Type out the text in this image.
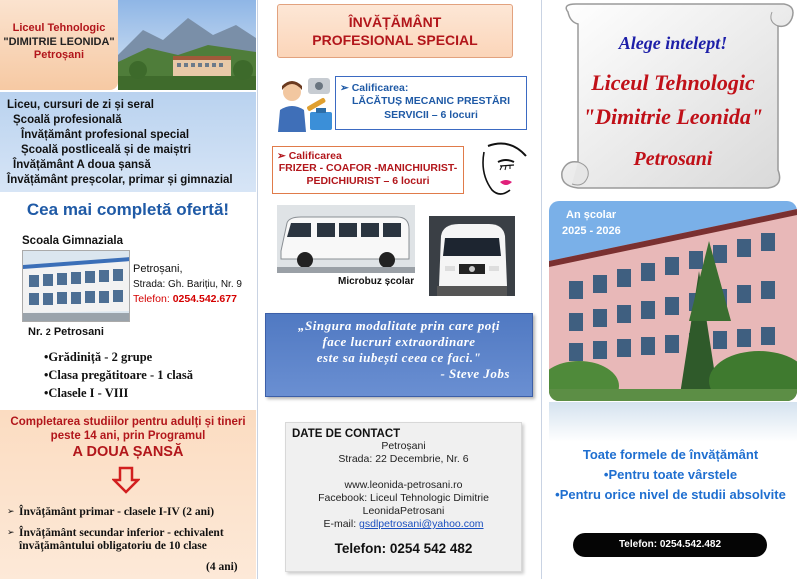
Liceul Tehnologic
"DIMITRIE LEONIDA"
Petroșani
Liceu, cursuri de zi și seral
Școală profesională
Învățământ profesional special
Școală postliceală și de maiștri
Învățământ A doua șansă
Învățământ preșcolar, primar și gimnazial
Cea mai completă ofertă!
Scoala Gimnaziala
Nr. 2 Petrosani
Petroșani,
Strada: Gh. Barițiu, Nr. 9
Telefon: 0254.542.677
•Grădiniță - 2 grupe
•Clasa pregătitoare - 1 clasă
•Clasele I - VIII
Completarea studiilor pentru adulți și tineri
peste 14 ani, prin Programul
A DOUA ȘANSĂ
➢ Învățământ primar - clasele I-IV (2 ani)
➢ Învățământ secundar inferior - echivalent învățământului obligatoriu de 10 clase
(4 ani)
ÎNVĂȚĂMÂNT
PROFESIONAL SPECIAL
➢ Calificarea:
LĂCĂTUȘ MECANIC PRESTĂRI
SERVICII – 6 locuri
➢ Calificarea
FRIZER - COAFOR -MANICHIURIST-
PEDICHIURIST – 6 locuri
Microbuz școlar
„Singura modalitate prin care poți
face lucruri extraordinare
este sa iubești ceea ce faci."
- Steve Jobs
DATE DE CONTACT
Petroșani
Strada: 22 Decembrie, Nr. 6
www.leonida-petrosani.ro
Facebook: Liceul Tehnologic Dimitrie
LeonidaPetrosani
E-mail: gsdlpetrosani@yahoo.com
Telefon: 0254 542 482
Alege intelept!
Liceul Tehnologic
"Dimitrie Leonida"
Petrosani
An școlar
2025 - 2026
Toate formele de învățământ
•Pentru toate vârstele
•Pentru orice nivel de studii absolvite
Telefon: 0254.542.482
